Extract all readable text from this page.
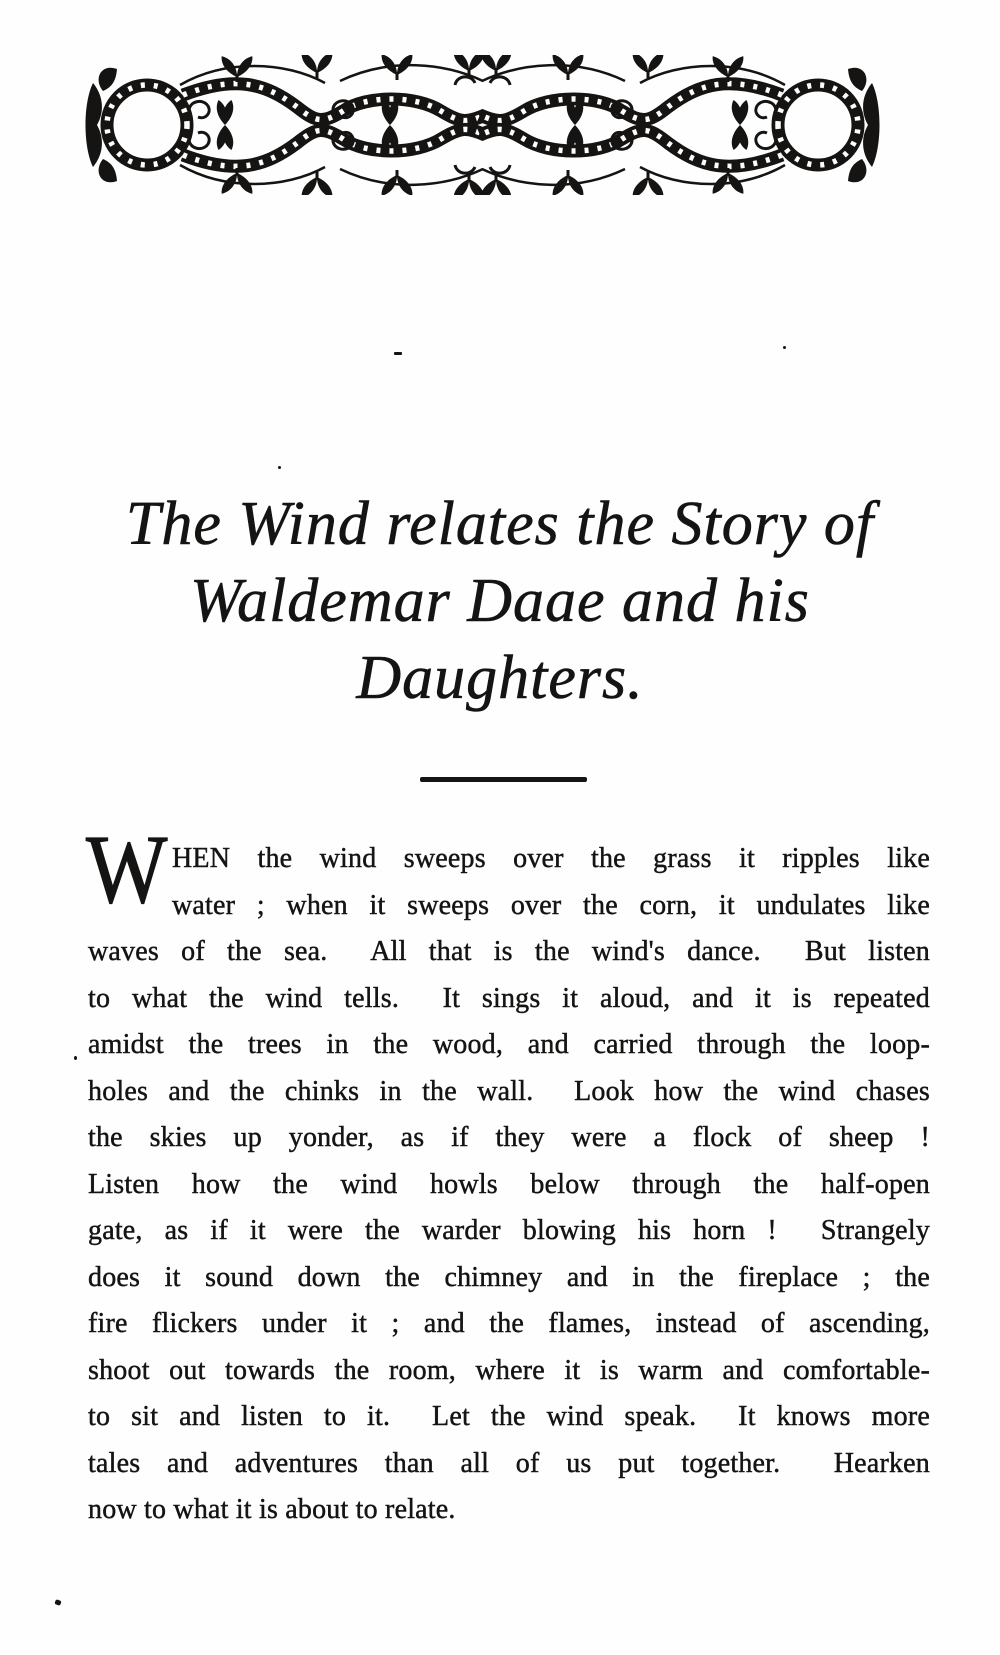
The Wind relates the Story of
Waldemar Daae and his
Daughters.
W HEN the wind sweeps over the grass it ripples like
water ; when it sweeps over the corn, it undulates like
waves of the sea.  All that is the wind's dance.  But listen
to what the wind tells.  It sings it aloud, and it is repeated
amidst the trees in the wood, and carried through the loop-
holes and the chinks in the wall.  Look how the wind chases
the skies up yonder, as if they were a flock of sheep !
Listen how the wind howls below through the half-open
gate, as if it were the warder blowing his horn !  Strangely
does it sound down the chimney and in the fireplace ; the
fire flickers under it ; and the flames, instead of ascending,
shoot out towards the room, where it is warm and comfortable-
to sit and listen to it.  Let the wind speak.  It knows more
tales and adventures than all of us put together.  Hearken
now to what it is about to relate.
